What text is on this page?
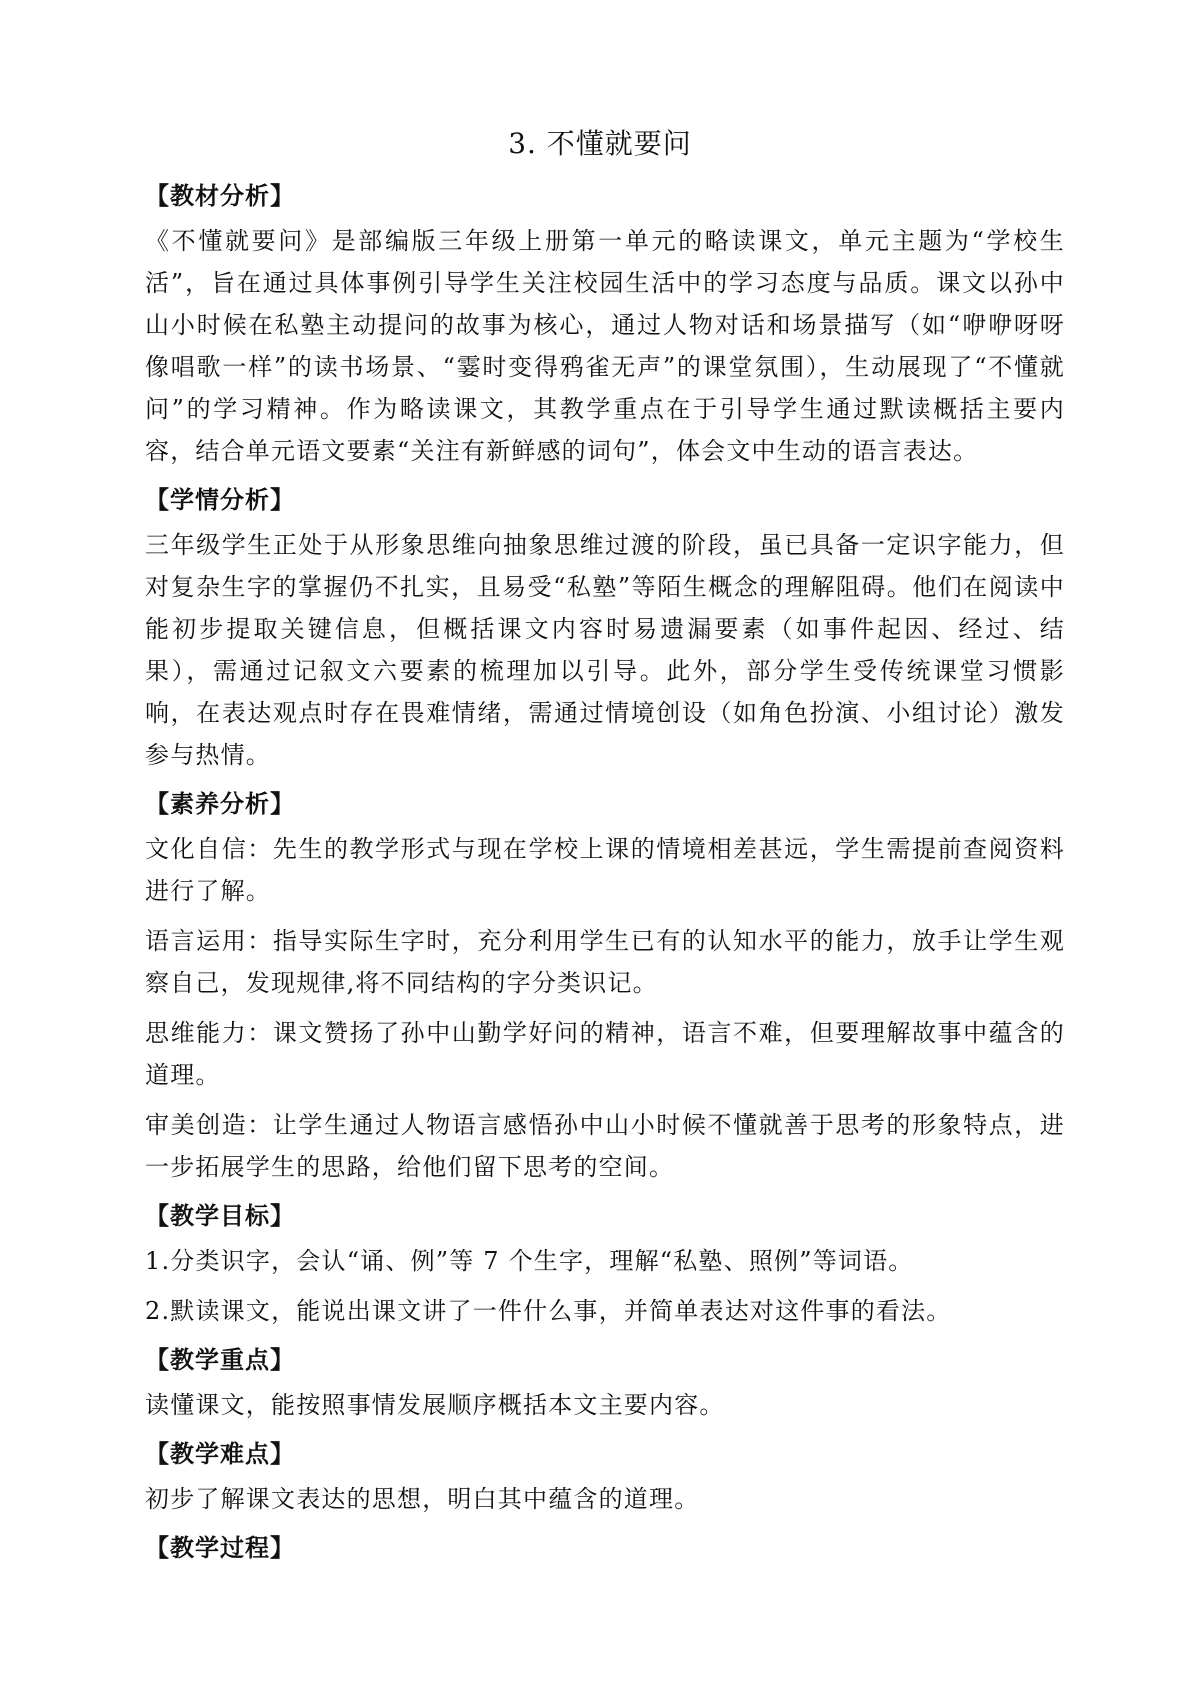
3. 不懂就要问
【教材分析】

《不懂就要问》是部编版三年级上册第一单元的略读课文，单元主题为“学校生活”，旨在通过具体事例引导学生关注校园生活中的学习态度与品质。课文以孙中山小时候在私塾主动提问的故事为核心，通过人物对话和场景描写（如“咿咿呀呀像唱歌一样”的读书场景、“霎时变得鸦雀无声”的课堂氛围），生动展现了“不懂就问”的学习精神。作为略读课文，其教学重点在于引导学生通过默读概括主要内容，结合单元语文要素“关注有新鲜感的词句”，体会文中生动的语言表达。

【学情分析】

三年级学生正处于从形象思维向抽象思维过渡的阶段，虽已具备一定识字能力，但对复杂生字的掌握仍不扎实，且易受“私塾”等陌生概念的理解阻碍。他们在阅读中能初步提取关键信息，但概括课文内容时易遗漏要素（如事件起因、经过、结果），需通过记叙文六要素的梳理加以引导。此外，部分学生受传统课堂习惯影响，在表达观点时存在畏难情绪，需通过情境创设（如角色扮演、小组讨论）激发参与热情。

【素养分析】

文化自信：先生的教学形式与现在学校上课的情境相差甚远，学生需提前查阅资料进行了解。

语言运用：指导实际生字时，充分利用学生已有的认知水平的能力，放手让学生观察自己，发现规律,将不同结构的字分类识记。

思维能力：课文赞扬了孙中山勤学好问的精神，语言不难，但要理解故事中蕴含的道理。

审美创造：让学生通过人物语言感悟孙中山小时候不懂就善于思考的形象特点，进一步拓展学生的思路，给他们留下思考的空间。

【教学目标】

1.分类识字，会认“诵、例”等 7 个生字，理解“私塾、照例”等词语。

2.默读课文，能说出课文讲了一件什么事，并简单表达对这件事的看法。

【教学重点】

读懂课文，能按照事情发展顺序概括本文主要内容。

【教学难点】

初步了解课文表达的思想，明白其中蕴含的道理。

【教学过程】
